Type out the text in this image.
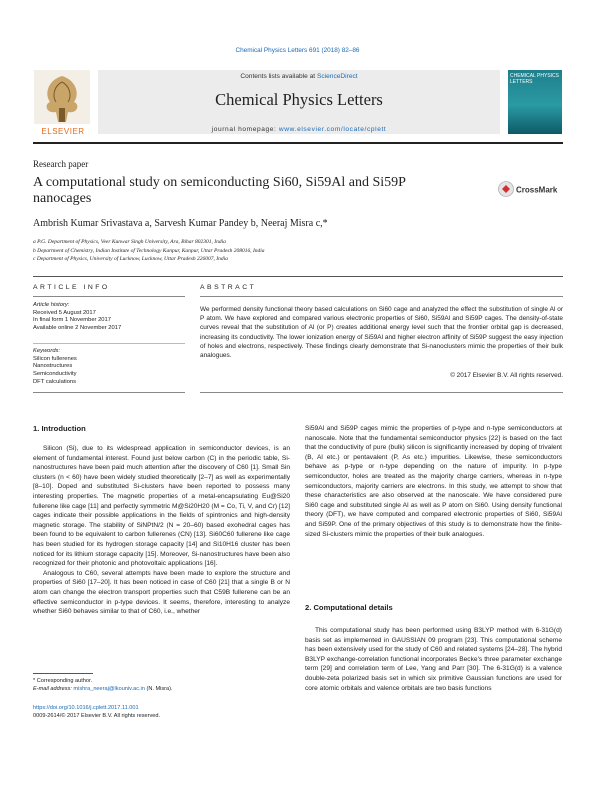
Chemical Physics Letters 691 (2018) 82–86
ELSEVIER
Contents lists available at ScienceDirect
Chemical Physics Letters
journal homepage: www.elsevier.com/locate/cplett
CHEMICAL PHYSICS LETTERS
Research paper
A computational study on semiconducting Si60, Si59Al and Si59P nanocages
CrossMark
Ambrish Kumar Srivastava a, Sarvesh Kumar Pandey b, Neeraj Misra c,*
a P.G. Department of Physics, Veer Kunwar Singh University, Ara, Bihar 802301, India
b Department of Chemistry, Indian Institute of Technology Kanpur, Kanpur, Uttar Pradesh 208016, India
c Department of Physics, University of Lucknow, Lucknow, Uttar Pradesh 226007, India
ARTICLE INFO
Article history:
Received 5 August 2017
In final form 1 November 2017
Available online 2 November 2017
Keywords:
Silicon fullerenes
Nanostructures
Semiconductivity
DFT calculations
ABSTRACT
We performed density functional theory based calculations on Si60 cage and analyzed the effect the substitution of single Al or P atom. We have explored and compared various electronic properties of Si60, Si59Al and Si59P cages. The density-of-state curves reveal that the substitution of Al (or P) creates additional energy level such that the frontier orbital gap is decreased, increasing its conductivity. The lower ionization energy of Si59Al and higher electron affinity of Si59P suggest the easy injection of holes and electrons, respectively. These findings clearly demonstrate that Si-nanoclusters mimic the properties of their bulk analogues.
© 2017 Elsevier B.V. All rights reserved.
1. Introduction

Silicon (Si), due to its widespread application in semiconductor devices, is an element of fundamental interest. Found just below carbon (C) in the periodic table, Si-nanostructures have been paid much attention after the discovery of C60 [1]. Small Sin clusters (n < 60) have been widely studied theoretically [2–7] as well as experimentally [8–10]. Doped and substituted Si-clusters have been reported to possess many interesting properties. The magnetic properties of a metal-encapsulating Eu@Si20 fullerene like cage [11] and perfectly symmetric M@Si20H20 (M = Co, Ti, V, and Cr) [12] cages indicate their possible applications in the fields of spintronics and high-density magnetic storage. The stability of SiNPtN/2 (N = 20–60) based exohedral cages has been found to be equivalent to carbon fullerenes (CN) [13]. Si60C60 fullerene like cage has been studied for its hydrogen storage capacity [14] and Si10H16 cluster has been noticed for its lithium storage capacity [15]. Moreover, Si-nanostructures have been also recognized for their photonic and photovoltaic applications [16].

Analogous to C60, several attempts have been made to explore the structure and properties of Si60 [17–20]. It has been noticed in case of C60 [21] that a single B or N atom can change the electron transport properties such that C59B fullerene can be an effective semiconductor in p-type devices. It seems, therefore, interesting to analyze whether Si60 behaves similar to that of C60, i.e., whether

Si59Al and Si59P cages mimic the properties of p-type and n-type semiconductors at nanoscale. Note that the fundamental semiconductor physics [22] is based on the fact that the conductivity of pure (bulk) silicon is significantly increased by doping of trivalent (B, Al etc.) or pentavalent (P, As etc.) impurities. Likewise, these semiconductors behave as p-type or n-type depending on the nature of impurity. In p-type semiconductor, holes are treated as the majority charge carriers, whereas in n-type semiconductors, majority carriers are electrons. In this study, we attempt to show that these characteristics are also observed at the nanoscale. We have considered pure Si60 cage and substituted single Al as well as P atom on Si60. Using density functional theory (DFT), we have computed and compared electronic properties of Si60, Si59Al and Si59P. One of the primary objectives of this study is to demonstrate how the finite-sized Si-clusters mimic the properties of their bulk analogues.

2. Computational details

This computational study has been performed using B3LYP method with 6-31G(d) basis set as implemented in GAUSSIAN 09 program [23]. This computational scheme has been extensively used for the study of C60 and related systems [24–28]. The hybrid B3LYP exchange-correlation functional incorporates Becke's three parameter exchange term [29] and correlation term of Lee, Yang and Parr [30]. The 6-31G(d) is a valence double-zeta polarized basis set in which six primitive Gaussian functions are used for core atomic orbitals and valence orbitals are two basis functions

* Corresponding author.
E-mail address: mishra_neeraj@lkouniv.ac.in (N. Misra).
https://doi.org/10.1016/j.cplett.2017.11.001
0009-2614/© 2017 Elsevier B.V. All rights reserved.
